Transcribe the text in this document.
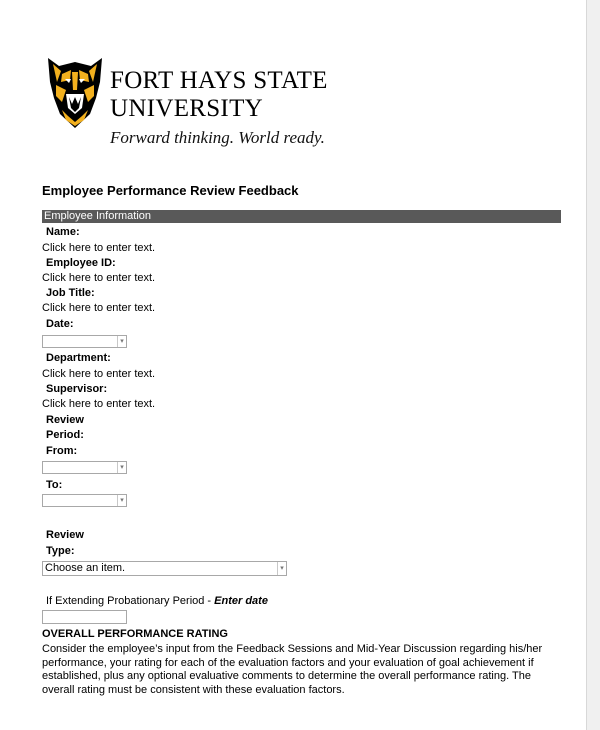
FORT HAYS STATE
UNIVERSITY
Forward thinking. World ready.
Employee Performance Review Feedback
Employee Information
Name:
Click here to enter text.
Employee ID:
Click here to enter text.
Job Title:
Click here to enter text.
Date:
▾
Department:
Click here to enter text.
Supervisor:
Click here to enter text.
Review
Period:
From:
▾
To:
▾
Review
Type:
Choose an item.	▾
If Extending Probationary Period - Enter date
OVERALL PERFORMANCE RATING
Consider the employee’s input from the Feedback Sessions and Mid-Year Discussion regarding his/her performance, your rating for each of the evaluation factors and your evaluation of goal achievement if established, plus any optional evaluative comments to determine the overall performance rating. The overall rating must be consistent with these evaluation factors.
